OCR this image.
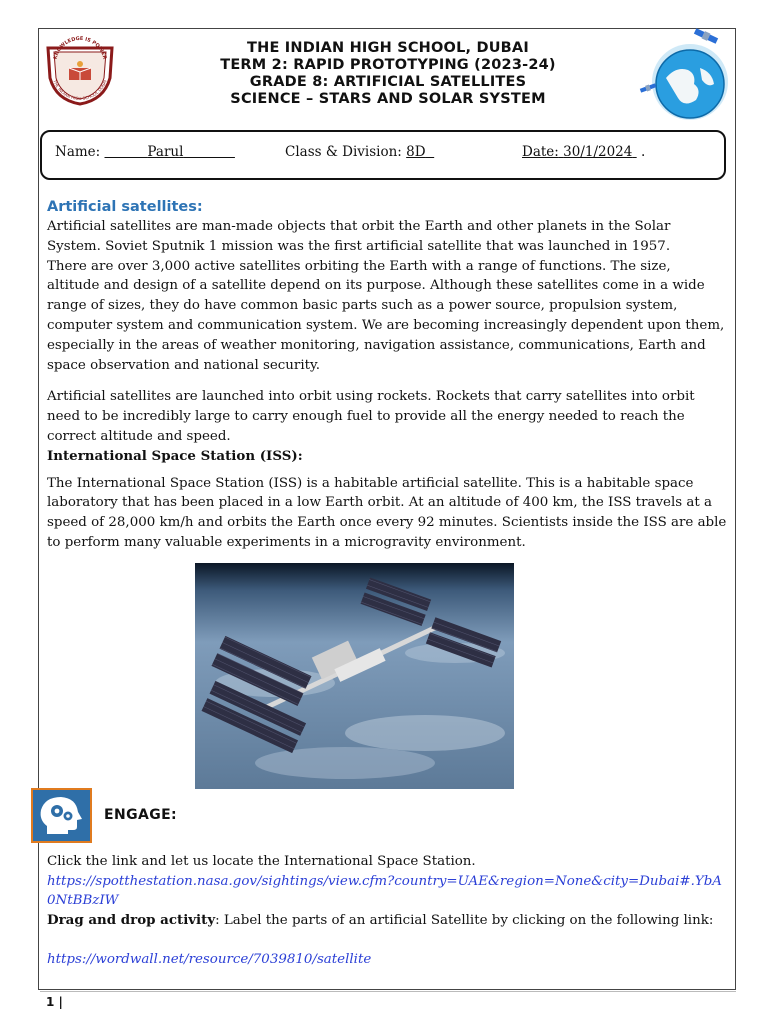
KNOWLEDGE IS POWER
THE INDIAN HIGH SCHOOL DUBAI
THE INDIAN HIGH SCHOOL, DUBAI
TERM 2: RAPID PROTOTYPING (2023-24)
GRADE 8: ARTIFICIAL SATELLITES
SCIENCE – STARS AND SOLAR SYSTEM
Name:	Parul	Class & Division: 8D	Date: 30/1/2024  .
Artificial satellites:

Artificial satellites are man-made objects that orbit the Earth and other planets in the Solar System. Soviet Sputnik 1 mission was the first artificial satellite that was launched in 1957.

There are over 3,000 active satellites orbiting the Earth with a range of functions. The size, altitude and design of a satellite depend on its purpose. Although these satellites come in a wide range of sizes, they do have common basic parts such as a power source, propulsion system, computer system and communication system. We are becoming increasingly dependent upon them, especially in the areas of weather monitoring, navigation assistance, communications, Earth and space observation and national security.

Artificial satellites are launched into orbit using rockets. Rockets that carry satellites into orbit need to be incredibly large to carry enough fuel to provide all the energy needed to reach the correct altitude and speed.

International Space Station (ISS):

The International Space Station (ISS) is a habitable artificial satellite. This is a habitable space laboratory that has been placed in a low Earth orbit. At an altitude of 400 km, the ISS travels at a speed of 28,000 km/h and orbits the Earth once every 92 minutes. Scientists inside the ISS are able to perform many valuable experiments in a microgravity environment.

ENGAGE:

Click the link and let us locate the International Space Station.

https://spotthestation.nasa.gov/sightings/view.cfm?country=UAE&region=None&city=Dubai#.YbA0NtBBzIW

Drag and drop activity: Label the parts of an artificial Satellite by clicking on the following link:

https://wordwall.net/resource/7039810/satellite

1 |
